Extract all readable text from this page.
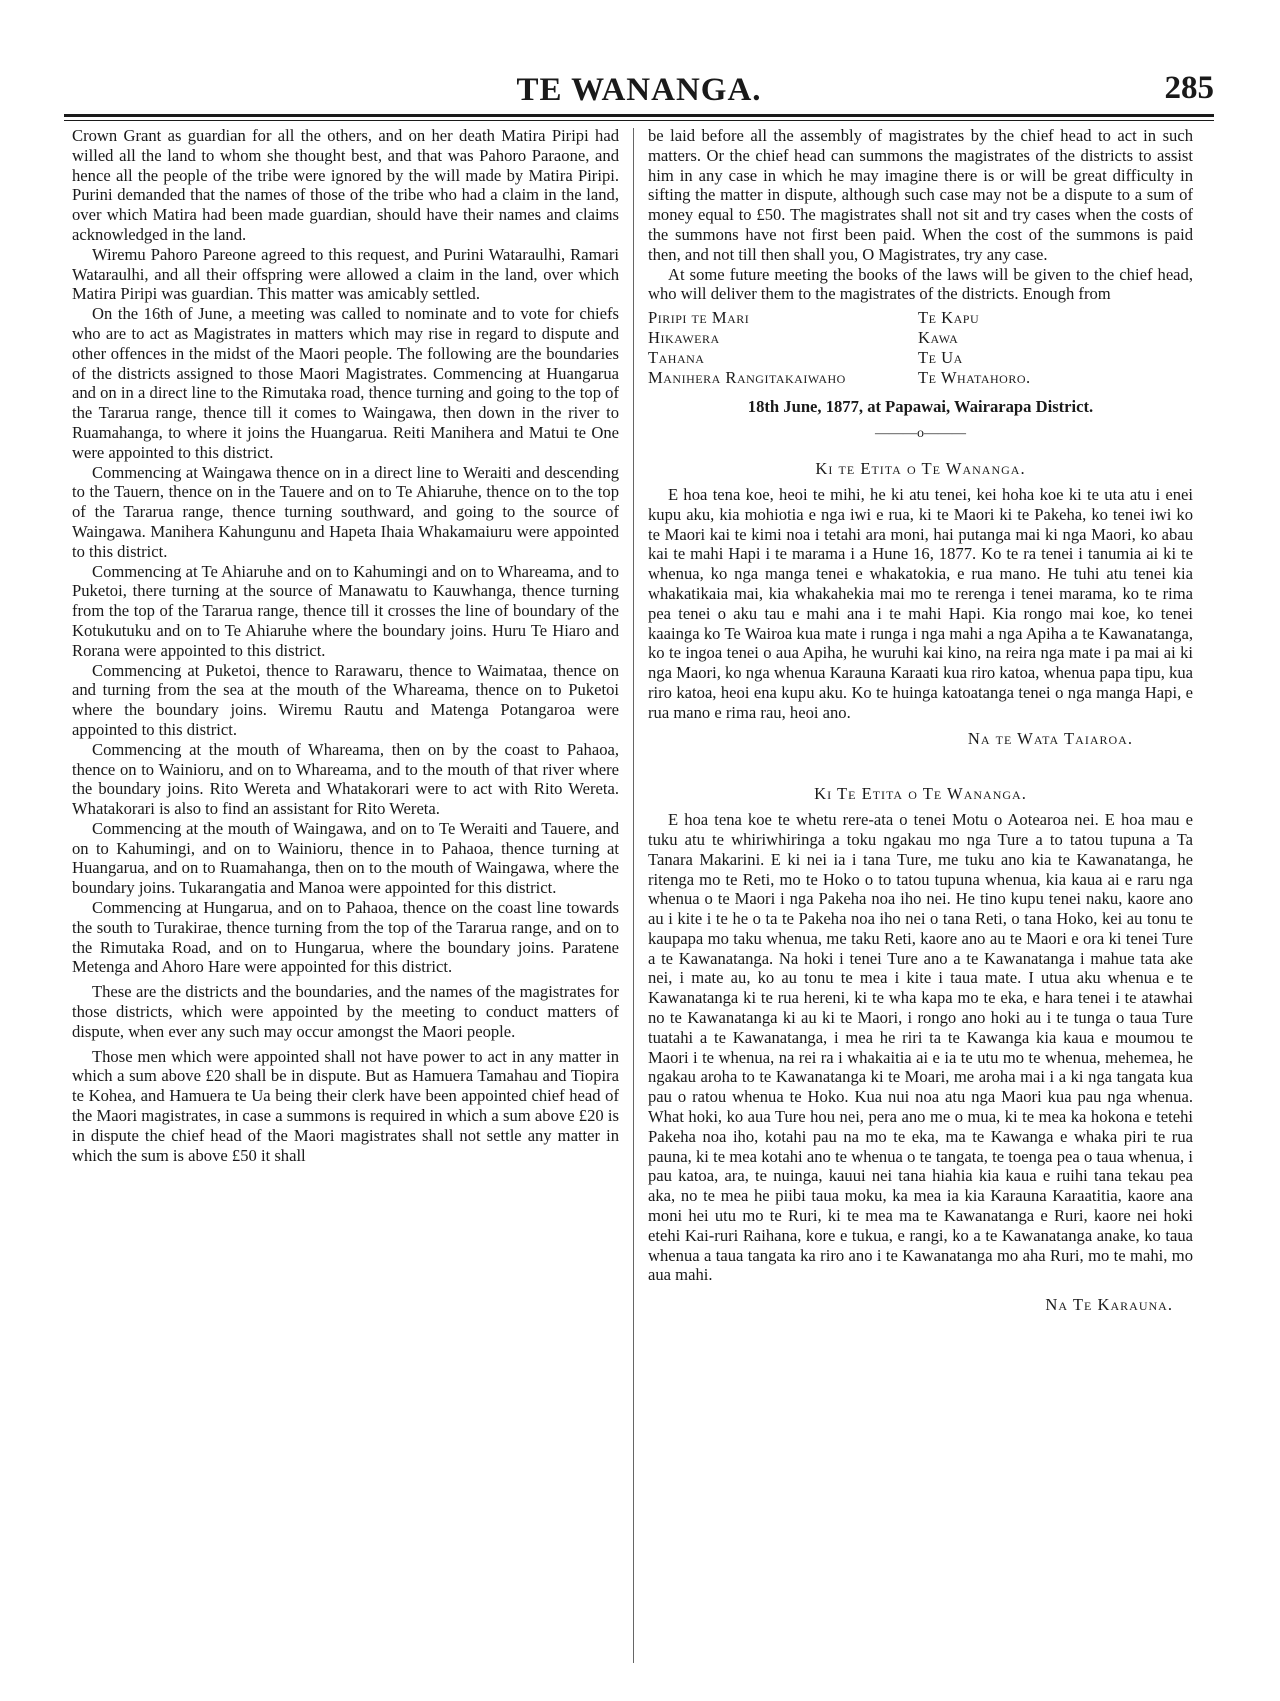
TE WANANGA.	285

Crown Grant as guardian for all the others, and on her death Matira Piripi had willed all the land to whom she thought best, and that was Pahoro Paraone, and hence all the people of the tribe were ignored by the will made by Matira Piripi. Purini demanded that the names of those of the tribe who had a claim in the land, over which Matira had been made guardian, should have their names and claims acknowledged in the land.

Wiremu Pahoro Pareone agreed to this request, and Purini Wataraulhi, Ramari Wataraulhi, and all their offspring were allowed a claim in the land, over which Matira Piripi was guardian. This matter was amicably settled.

On the 16th of June, a meeting was called to nominate and to vote for chiefs who are to act as Magistrates in matters which may rise in regard to dispute and other offences in the midst of the Maori people. The following are the boundaries of the districts assigned to those Maori Magistrates. Commencing at Huangarua and on in a direct line to the Rimutaka road, thence turning and going to the top of the Tararua range, thence till it comes to Waingawa, then down in the river to Ruamahanga, to where it joins the Huangarua. Reiti Manihera and Matui te One were appointed to this district.

Commencing at Waingawa thence on in a direct line to Weraiti and descending to the Tauern, thence on in the Tauere and on to Te Ahiaruhe, thence on to the top of the Tararua range, thence turning southward, and going to the source of Waingawa. Manihera Kahungunu and Hapeta Ihaia Whakamaiuru were appointed to this district.

Commencing at Te Ahiaruhe and on to Kahumingi and on to Whareama, and to Puketoi, there turning at the source of Manawatu to Kauwhanga, thence turning from the top of the Tararua range, thence till it crosses the line of boundary of the Kotukutuku and on to Te Ahiaruhe where the boundary joins. Huru Te Hiaro and Rorana were appointed to this district.

Commencing at Puketoi, thence to Rarawaru, thence to Waimataa, thence on and turning from the sea at the mouth of the Whareama, thence on to Puketoi where the boundary joins. Wiremu Rautu and Matenga Potangaroa were appointed to this district.

Commencing at the mouth of Whareama, then on by the coast to Pahaoa, thence on to Wainioru, and on to Whareama, and to the mouth of that river where the boundary joins. Rito Wereta and Whatakorari were to act with Rito Wereta. Whatakorari is also to find an assistant for Rito Wereta.

Commencing at the mouth of Waingawa, and on to Te Weraiti and Tauere, and on to Kahumingi, and on to Wainioru, thence in to Pahaoa, thence turning at Huangarua, and on to Ruamahanga, then on to the mouth of Waingawa, where the boundary joins. Tukarangatia and Manoa were appointed for this district.

Commencing at Hungarua, and on to Pahaoa, thence on the coast line towards the south to Turakirae, thence turning from the top of the Tararua range, and on to the Rimutaka Road, and on to Hungarua, where the boundary joins. Paratene Metenga and Ahoro Hare were appointed for this district.

These are the districts and the boundaries, and the names of the magistrates for those districts, which were appointed by the meeting to conduct matters of dispute, when ever any such may occur amongst the Maori people.

Those men which were appointed shall not have power to act in any matter in which a sum above £20 shall be in dispute. But as Hamuera Tamahau and Tiopira te Kohea, and Hamuera te Ua being their clerk have been appointed chief head of the Maori magistrates, in case a summons is required in which a sum above £20 is in dispute the chief head of the Maori magistrates shall not settle any matter in which the sum is above £50 it shall

be laid before all the assembly of magistrates by the chief head to act in such matters. Or the chief head can summons the magistrates of the districts to assist him in any case in which he may imagine there is or will be great difficulty in sifting the matter in dispute, although such case may not be a dispute to a sum of money equal to £50. The magistrates shall not sit and try cases when the costs of the summons have not first been paid. When the cost of the summons is paid then, and not till then shall you, O Magistrates, try any case.

At some future meeting the books of the laws will be given to the chief head, who will deliver them to the magistrates of the districts. Enough from

Piripi te Mari	Te Kapu
Hikawera	Kawa
Tahana	Te Ua
Manihera Rangitakaiwaho	Te Whatahoro.
18th June, 1877, at Papawai, Wairarapa District.
———o———
Ki te Etita o Te Wananga.

E hoa tena koe, heoi te mihi, he ki atu tenei, kei hoha koe ki te uta atu i enei kupu aku, kia mohiotia e nga iwi e rua, ki te Maori ki te Pakeha, ko tenei iwi ko te Maori kai te kimi noa i tetahi ara moni, hai putanga mai ki nga Maori, ko abau kai te mahi Hapi i te marama i a Hune 16, 1877. Ko te ra tenei i tanumia ai ki te whenua, ko nga manga tenei e whakatokia, e rua mano. He tuhi atu tenei kia whakatikaia mai, kia whakahekia mai mo te rerenga i tenei marama, ko te rima pea tenei o aku tau e mahi ana i te mahi Hapi. Kia rongo mai koe, ko tenei kaainga ko Te Wairoa kua mate i runga i nga mahi a nga Apiha a te Kawanatanga, ko te ingoa tenei o aua Apiha, he wuruhi kai kino, na reira nga mate i pa mai ai ki nga Maori, ko nga whenua Karauna Karaati kua riro katoa, whenua papa tipu, kua riro katoa, heoi ena kupu aku. Ko te huinga katoatanga tenei o nga manga Hapi, e rua mano e rima rau, heoi ano.

Na te Wata Taiaroa.
Ki Te Etita o Te Wananga.

E hoa tena koe te whetu rere-ata o tenei Motu o Aotearoa nei. E hoa mau e tuku atu te whiriwhiringa a toku ngakau mo nga Ture a to tatou tupuna a Ta Tanara Makarini. E ki nei ia i tana Ture, me tuku ano kia te Kawanatanga, he ritenga mo te Reti, mo te Hoko o to tatou tupuna whenua, kia kaua ai e raru nga whenua o te Maori i nga Pakeha noa iho nei. He tino kupu tenei naku, kaore ano au i kite i te he o ta te Pakeha noa iho nei o tana Reti, o tana Hoko, kei au tonu te kaupapa mo taku whenua, me taku Reti, kaore ano au te Maori e ora ki tenei Ture a te Kawanatanga. Na hoki i tenei Ture ano a te Kawanatanga i mahue tata ake nei, i mate au, ko au tonu te mea i kite i taua mate. I utua aku whenua e te Kawanatanga ki te rua hereni, ki te wha kapa mo te eka, e hara tenei i te atawhai no te Kawanatanga ki au ki te Maori, i rongo ano hoki au i te tunga o taua Ture tuatahi a te Kawanatanga, i mea he riri ta te Kawanga kia kaua e moumou te Maori i te whenua, na rei ra i whakaitia ai e ia te utu mo te whenua, mehemea, he ngakau aroha to te Kawanatanga ki te Moari, me aroha mai i a ki nga tangata kua pau o ratou whenua te Hoko. Kua nui noa atu nga Maori kua pau nga whenua. What hoki, ko aua Ture hou nei, pera ano me o mua, ki te mea ka hokona e tetehi Pakeha noa iho, kotahi pau na mo te eka, ma te Kawanga e whaka piri te rua pauna, ki te mea kotahi ano te whenua o te tangata, te toenga pea o taua whenua, i pau katoa, ara, te nuinga, kauui nei tana hiahia kia kaua e ruihi tana tekau pea aka, no te mea he piibi taua moku, ka mea ia kia Karauna Karaatitia, kaore ana moni hei utu mo te Ruri, ki te mea ma te Kawanatanga e Ruri, kaore nei hoki etehi Kai-ruri Raihana, kore e tukua, e rangi, ko a te Kawanatanga anake, ko taua whenua a taua tangata ka riro ano i te Kawanatanga mo aha Ruri, mo te mahi, mo aua mahi.

Na Te Karauna.
